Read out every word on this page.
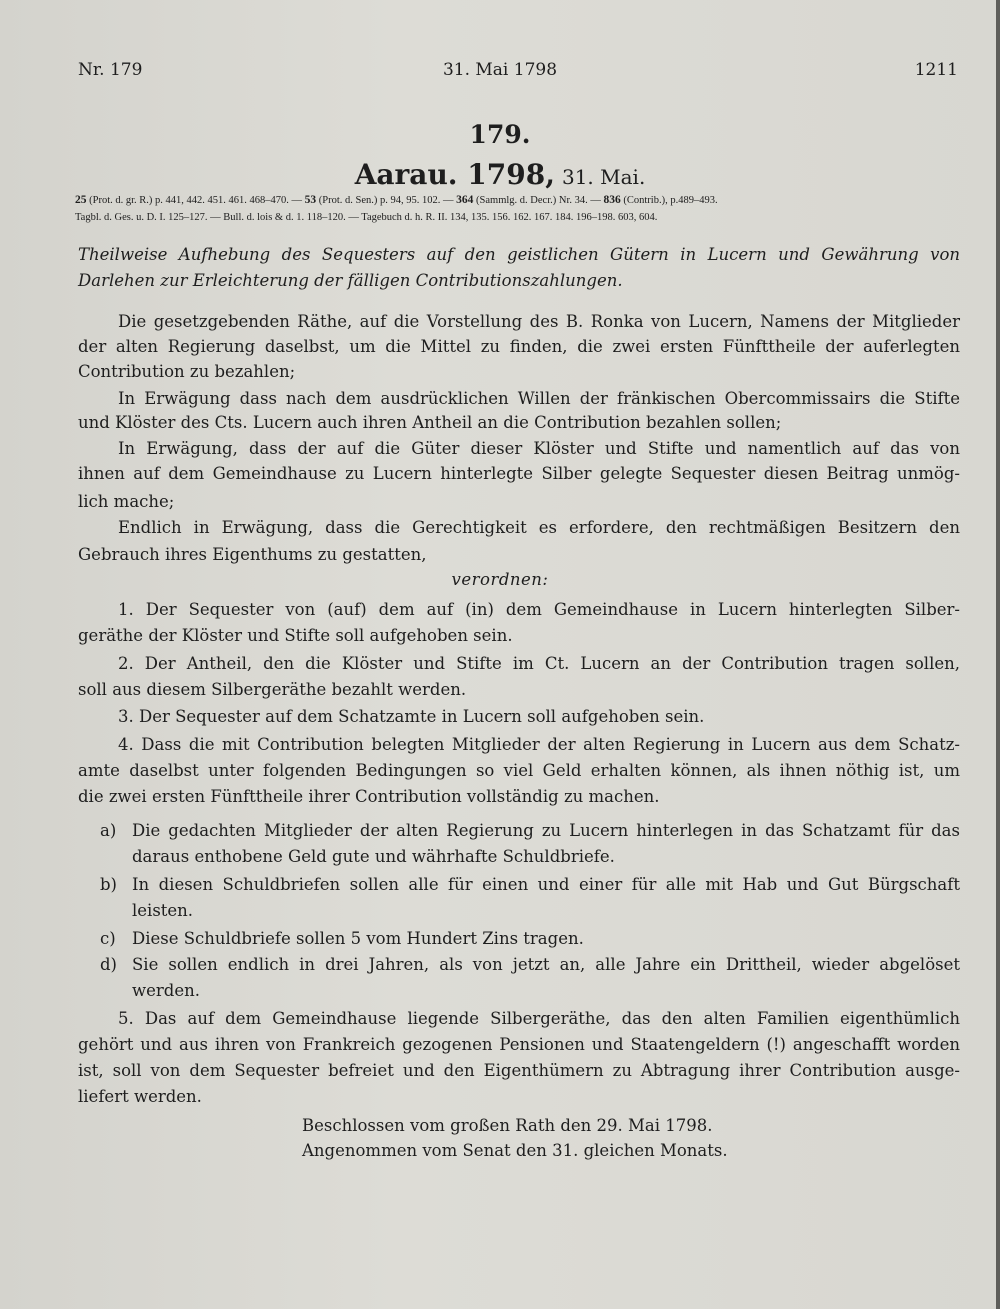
Nr. 179	31. Mai 1798	1211
179.
Aarau. 1798, 31. Mai.
25 (Prot. d. gr. R.) p. 441, 442. 451. 461. 468–470. — 53 (Prot. d. Sen.) p. 94, 95. 102. — 364 (Sammlg. d. Decr.) Nr. 34. — 836 (Contrib.), p.489–493.
Tagbl. d. Ges. u. D. I. 125–127. — Bull. d. lois & d. 1. 118–120. — Tagebuch d. h. R. II. 134, 135. 156. 162. 167. 184. 196–198. 603, 604.
Theilweise Aufhebung des Sequesters auf den geistlichen Gütern in Lucern und Gewährung von
Darlehen zur Erleichterung der fälligen Contributionszahlungen.
Die gesetzgebenden Räthe, auf die Vorstellung des B. Ronka von Lucern, Namens der Mitglieder
der alten Regierung daselbst, um die Mittel zu finden, die zwei ersten Fünfttheile der auferlegten
Contribution zu bezahlen;
In Erwägung dass nach dem ausdrücklichen Willen der fränkischen Obercommissairs die Stifte
und Klöster des Cts. Lucern auch ihren Antheil an die Contribution bezahlen sollen;
In Erwägung, dass der auf die Güter dieser Klöster und Stifte und namentlich auf das von
ihnen auf dem Gemeindhause zu Lucern hinterlegte Silber gelegte Sequester diesen Beitrag unmög-
lich mache;
Endlich in Erwägung, dass die Gerechtigkeit es erfordere, den rechtmäßigen Besitzern den
Gebrauch ihres Eigenthums zu gestatten,
verordnen:
1. Der Sequester von (auf) dem auf (in) dem Gemeindhause in Lucern hinterlegten Silber-
geräthe der Klöster und Stifte soll aufgehoben sein.
2. Der Antheil, den die Klöster und Stifte im Ct. Lucern an der Contribution tragen sollen,
soll aus diesem Silbergeräthe bezahlt werden.
3. Der Sequester auf dem Schatzamte in Lucern soll aufgehoben sein.
4. Dass die mit Contribution belegten Mitglieder der alten Regierung in Lucern aus dem Schatz-
amte daselbst unter folgenden Bedingungen so viel Geld erhalten können, als ihnen nöthig ist, um
die zwei ersten Fünfttheile ihrer Contribution vollständig zu machen.
a) Die gedachten Mitglieder der alten Regierung zu Lucern hinterlegen in das Schatzamt für das
daraus enthobene Geld gute und währhafte Schuldbriefe.
b) In diesen Schuldbriefen sollen alle für einen und einer für alle mit Hab und Gut Bürgschaft
leisten.
c) Diese Schuldbriefe sollen 5 vom Hundert Zins tragen.
d) Sie sollen endlich in drei Jahren, als von jetzt an, alle Jahre ein Drittheil, wieder abgelöset
werden.
5. Das auf dem Gemeindhause liegende Silbergeräthe, das den alten Familien eigenthümlich
gehört und aus ihren von Frankreich gezogenen Pensionen und Staatengeldern (!) angeschafft worden
ist, soll von dem Sequester befreiet und den Eigenthümern zu Abtragung ihrer Contribution ausge-
liefert werden.
Beschlossen vom großen Rath den 29. Mai 1798.
Angenommen vom Senat den 31. gleichen Monats.
